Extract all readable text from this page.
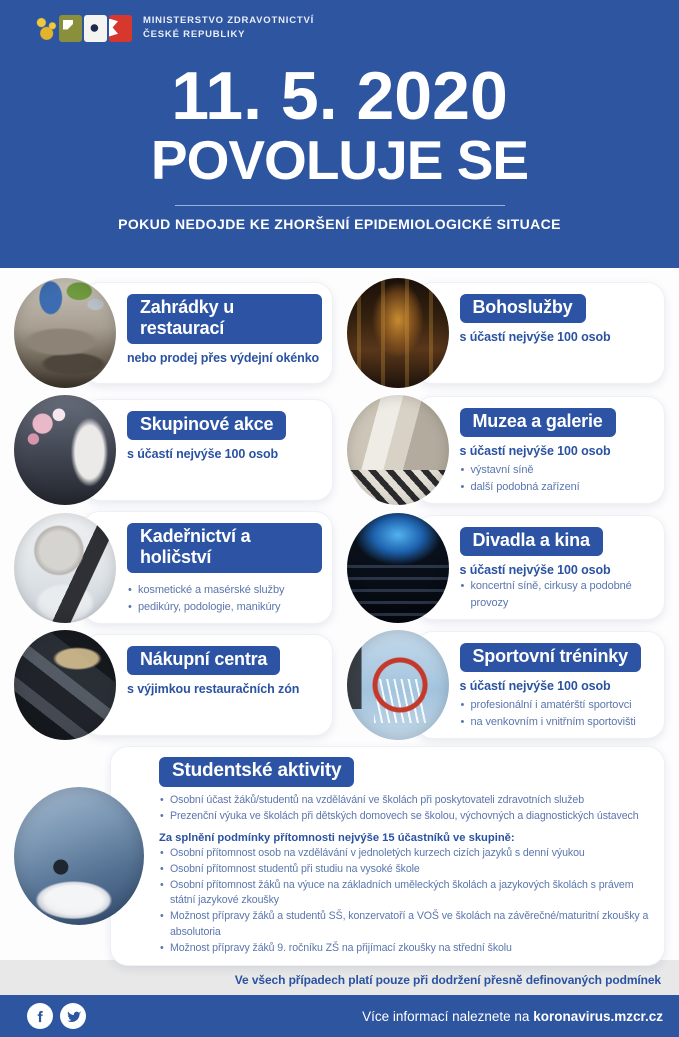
MINISTERSTVO ZDRAVOTNICTVÍ
ČESKÉ REPUBLIKY
11. 5. 2020
POVOLUJE SE
POKUD NEDOJDE KE ZHORŠENÍ EPIDEMIOLOGICKÉ SITUACE
Zahrádky u restaurací
nebo prodej přes výdejní okénko
Bohoslužby
s účastí nejvýše 100 osob
Skupinové akce
s účastí nejvýše 100 osob
Muzea a galerie
s účastí nejvýše 100 osob
• výstavní síně
• další podobná zařízení
Kadeřnictví a holičství
• kosmetické a masérské služby
• pedikúry, podologie, manikúry
Divadla a kina
s účastí nejvýše 100 osob
• koncertní síně, cirkusy a podobné provozy
Nákupní centra
s výjimkou restauračních zón
Sportovní tréninky
s účastí nejvýše 100 osob
• profesionální i amatérští sportovci
• na venkovním i vnitřním sportovišti
Studentské aktivity
• Osobní účast žáků/studentů na vzdělávání ve školách při poskytovateli zdravotních služeb
• Prezenční výuka ve školách při dětských domovech se školou, výchovných a diagnostických ústavech
Za splnění podmínky přítomnosti nejvýše 15 účastníků ve skupině:
• Osobní přítomnost osob na vzdělávání v jednoletých kurzech cizích jazyků s denní výukou
• Osobní přítomnost studentů při studiu na vysoké škole
• Osobní přítomnost žáků na výuce na základních uměleckých školách a jazykových školách s právem státní jazykové zkoušky
• Možnost přípravy žáků a studentů SŠ, konzervatoří a VOŠ ve školách na závěrečné/maturitní zkoušky a absolutoria
• Možnost přípravy žáků 9. ročníku ZŠ na přijímací zkoušky na střední školu
Ve všech případech platí pouze při dodržení přesně definovaných podmínek
Více informací naleznete na koronavirus.mzcr.cz
